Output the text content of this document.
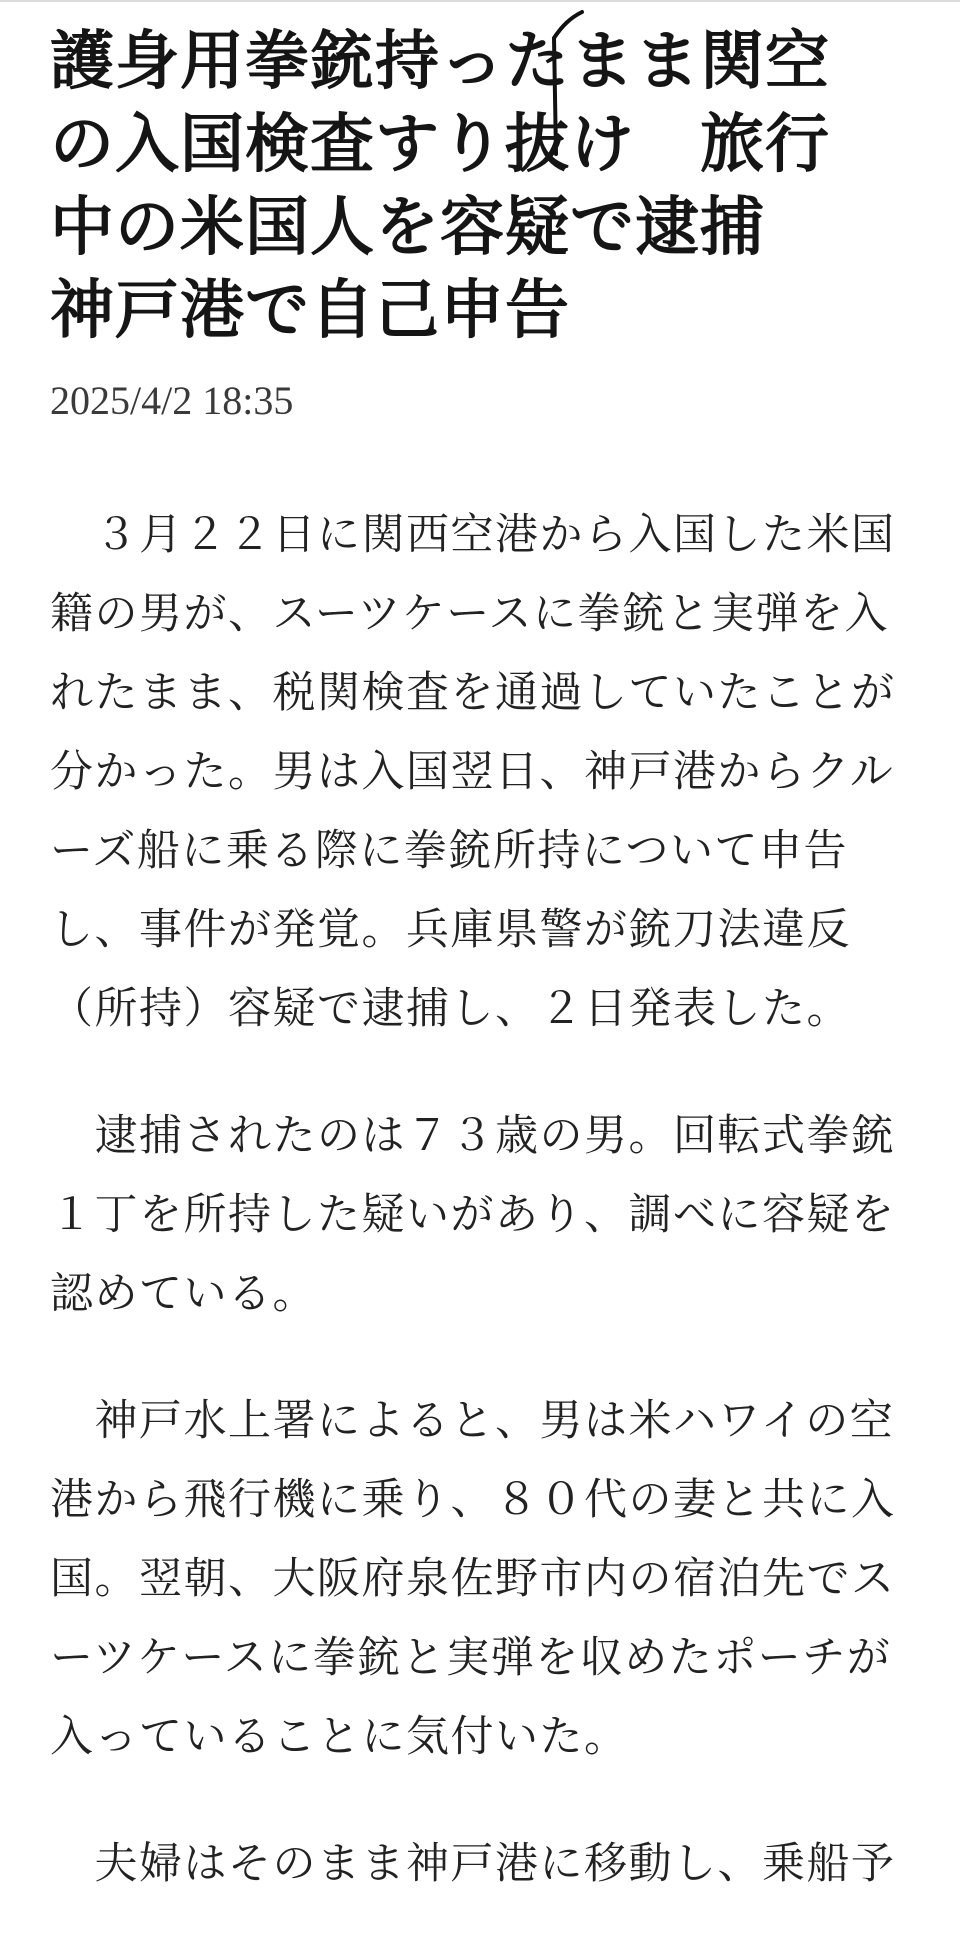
護身用拳銃持ったまま関空
の入国検査すり抜け　旅行
中の米国人を容疑で逮捕
神戸港で自己申告
2025/4/2 18:35

　３月２２日に関西空港から入国した米国
籍の男が、スーツケースに拳銃と実弾を入
れたまま、税関検査を通過していたことが
分かった。男は入国翌日、神戸港からクル
ーズ船に乗る際に拳銃所持について申告
し、事件が発覚。兵庫県警が銃刀法違反
（所持）容疑で逮捕し、２日発表した。

　逮捕されたのは７３歳の男。回転式拳銃
１丁を所持した疑いがあり、調べに容疑を
認めている。

　神戸水上署によると、男は米ハワイの空
港から飛行機に乗り、８０代の妻と共に入
国。翌朝、大阪府泉佐野市内の宿泊先でス
ーツケースに拳銃と実弾を収めたポーチが
入っていることに気付いた。

　夫婦はそのまま神戸港に移動し、乗船予
